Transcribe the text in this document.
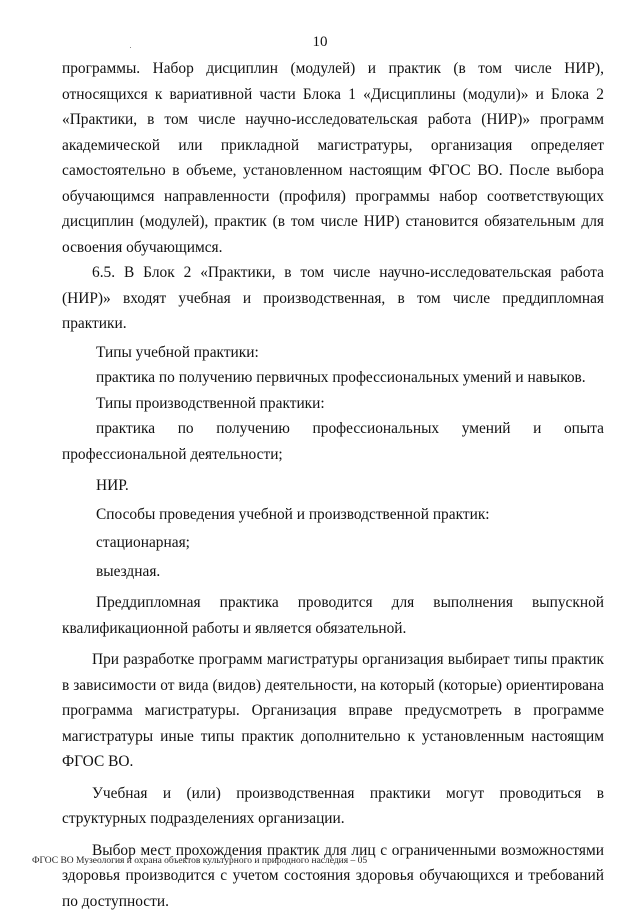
10

программы. Набор дисциплин (модулей) и практик (в том числе НИР), относящихся к вариативной части Блока 1 «Дисциплины (модули)» и Блока 2 «Практики, в том числе научно-исследовательская работа (НИР)» программ академической или прикладной магистратуры, организация определяет самостоятельно в объеме, установленном настоящим ФГОС ВО. После выбора обучающимся направленности (профиля) программы набор соответствующих дисциплин (модулей), практик (в том числе НИР) становится обязательным для освоения обучающимся.

6.5. В Блок 2 «Практики, в том числе научно-исследовательская работа (НИР)» входят учебная и производственная, в том числе преддипломная практики.

Типы учебной практики:

практика по получению первичных профессиональных умений и навыков.

Типы производственной практики:

практика по получению профессиональных умений и опыта профессиональной деятельности;

НИР.

Способы проведения учебной и производственной практик:

стационарная;

выездная.

Преддипломная практика проводится для выполнения выпускной квалификационной работы и является обязательной.

При разработке программ магистратуры организация выбирает типы практик в зависимости от вида (видов) деятельности, на который (которые) ориентирована программа магистратуры. Организация вправе предусмотреть в программе магистратуры иные типы практик дополнительно к установленным настоящим ФГОС ВО.

Учебная и (или) производственная практики могут проводиться в структурных подразделениях организации.

Выбор мест прохождения практик для лиц с ограниченными возможностями здоровья производится с учетом состояния здоровья обучающихся и требований по доступности.

ФГОС ВО Музеология и охрана объектов культурного и природного наследия – 05
